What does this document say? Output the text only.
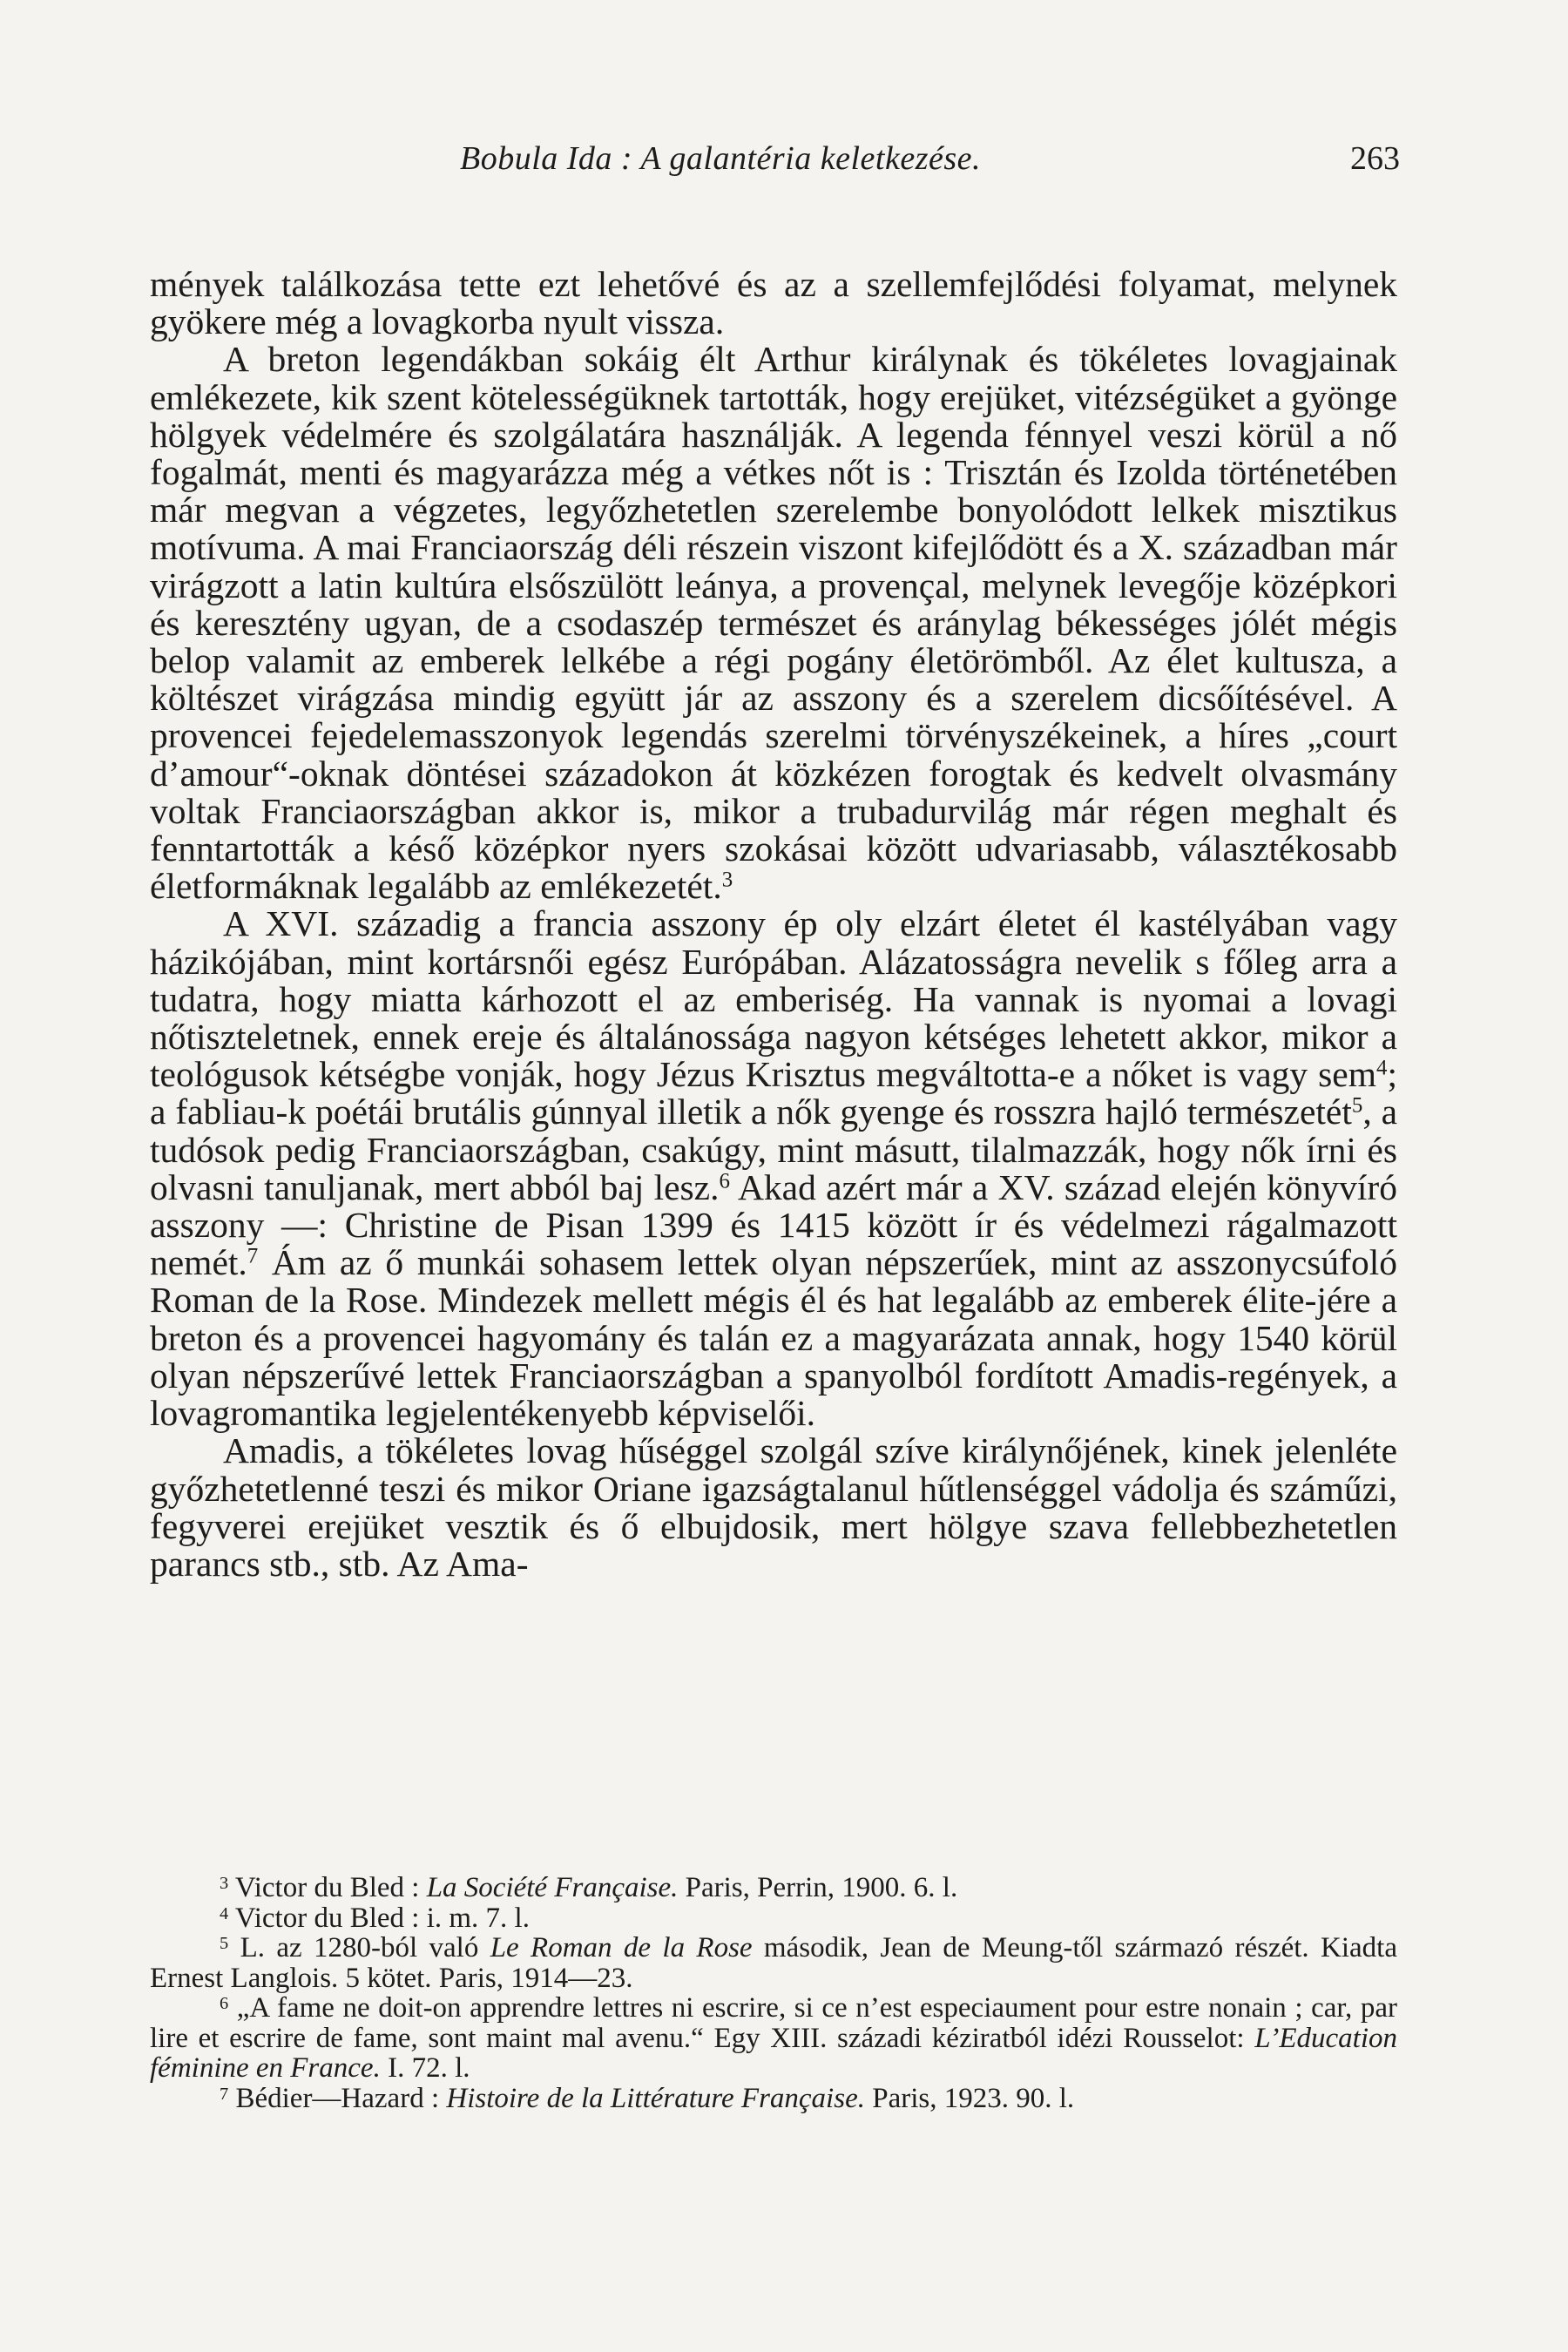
Bobula Ida : A galantéria keletkezése.	263

mények találkozása tette ezt lehetővé és az a szellemfejlődési folyamat, melynek gyökere még a lovagkorba nyult vissza.

A breton legendákban sokáig élt Arthur királynak és tökéletes lovagjainak emlékezete, kik szent kötelességüknek tartották, hogy erejüket, vitézségüket a gyönge hölgyek védelmére és szolgálatára használják. A legenda fénnyel veszi körül a nő fogalmát, menti és magyarázza még a vétkes nőt is : Trisztán és Izolda történetében már megvan a végzetes, legyőzhetetlen szerelembe bonyolódott lelkek misztikus motívuma. A mai Franciaország déli részein viszont kifejlődött és a X. században már virágzott a latin kultúra elsőszülött leánya, a provençal, melynek levegője középkori és keresztény ugyan, de a csodaszép természet és aránylag békességes jólét mégis belop valamit az emberek lelkébe a régi pogány életörömből. Az élet kultusza, a költészet virágzása mindig együtt jár az asszony és a szerelem dicsőítésével. A provencei fejedelemasszonyok legendás szerelmi törvényszékeinek, a híres „court d’amour“-oknak döntései századokon át közkézen forogtak és kedvelt olvasmány voltak Franciaországban akkor is, mikor a trubadurvilág már régen meghalt és fenntartották a késő középkor nyers szokásai között udvariasabb, választékosabb életformáknak legalább az emlékezetét.$^3$

A XVI. századig a francia asszony ép oly elzárt életet él kastélyában vagy házikójában, mint kortársnői egész Európában. Alázatosságra nevelik s főleg arra a tudatra, hogy miatta kárhozott el az emberiség. Ha vannak is nyomai a lovagi nőtiszteletnek, ennek ereje és általánossága nagyon kétséges lehetett akkor, mikor a teológusok kétségbe vonják, hogy Jézus Krisztus megváltotta-e a nőket is vagy sem$^4$; a fabliau-k poétái brutális gúnnyal illetik a nők gyenge és rosszra hajló természetét$^5$, a tudósok pedig Franciaországban, csakúgy, mint másutt, tilalmazzák, hogy nők írni és olvasni tanuljanak, mert abból baj lesz.$^6$ Akad azért már a XV. század elején könyvíró asszony —: Christine de Pisan 1399 és 1415 között ír és védelmezi rágalmazott nemét.$^7$ Ám az ő munkái sohasem lettek olyan népszerűek, mint az asszonycsúfoló Roman de la Rose. Mindezek mellett mégis él és hat legalább az emberek élite-jére a breton és a provencei hagyomány és talán ez a magyarázata annak, hogy 1540 körül olyan népszerűvé lettek Franciaországban a spanyolból fordított Amadis-regények, a lovagromantika legjelentékenyebb képviselői.

Amadis, a tökéletes lovag hűséggel szolgál szíve királynőjének, kinek jelenléte győzhetetlenné teszi és mikor Oriane igazságtalanul hűtlenséggel vádolja és száműzi, fegyverei erejüket vesztik és ő elbujdosik, mert hölgye szava fellebbezhetetlen parancs stb., stb. Az Ama-

$^3$ Victor du Bled : La Société Française. Paris, Perrin, 1900. 6. l.

$^4$ Victor du Bled : i. m. 7. l.

$^5$ L. az 1280-ból való Le Roman de la Rose második, Jean de Meung-től származó részét. Kiadta Ernest Langlois. 5 kötet. Paris, 1914—23.

$^6$ „A fame ne doit-on apprendre lettres ni escrire, si ce n’est especiaument pour estre nonain ; car, par lire et escrire de fame, sont maint mal avenu.“ Egy XIII. századi kéziratból idézi Rousselot: L’Education féminine en France. I. 72. l.

$^7$ Bédier—Hazard : Histoire de la Littérature Française. Paris, 1923. 90. l.
